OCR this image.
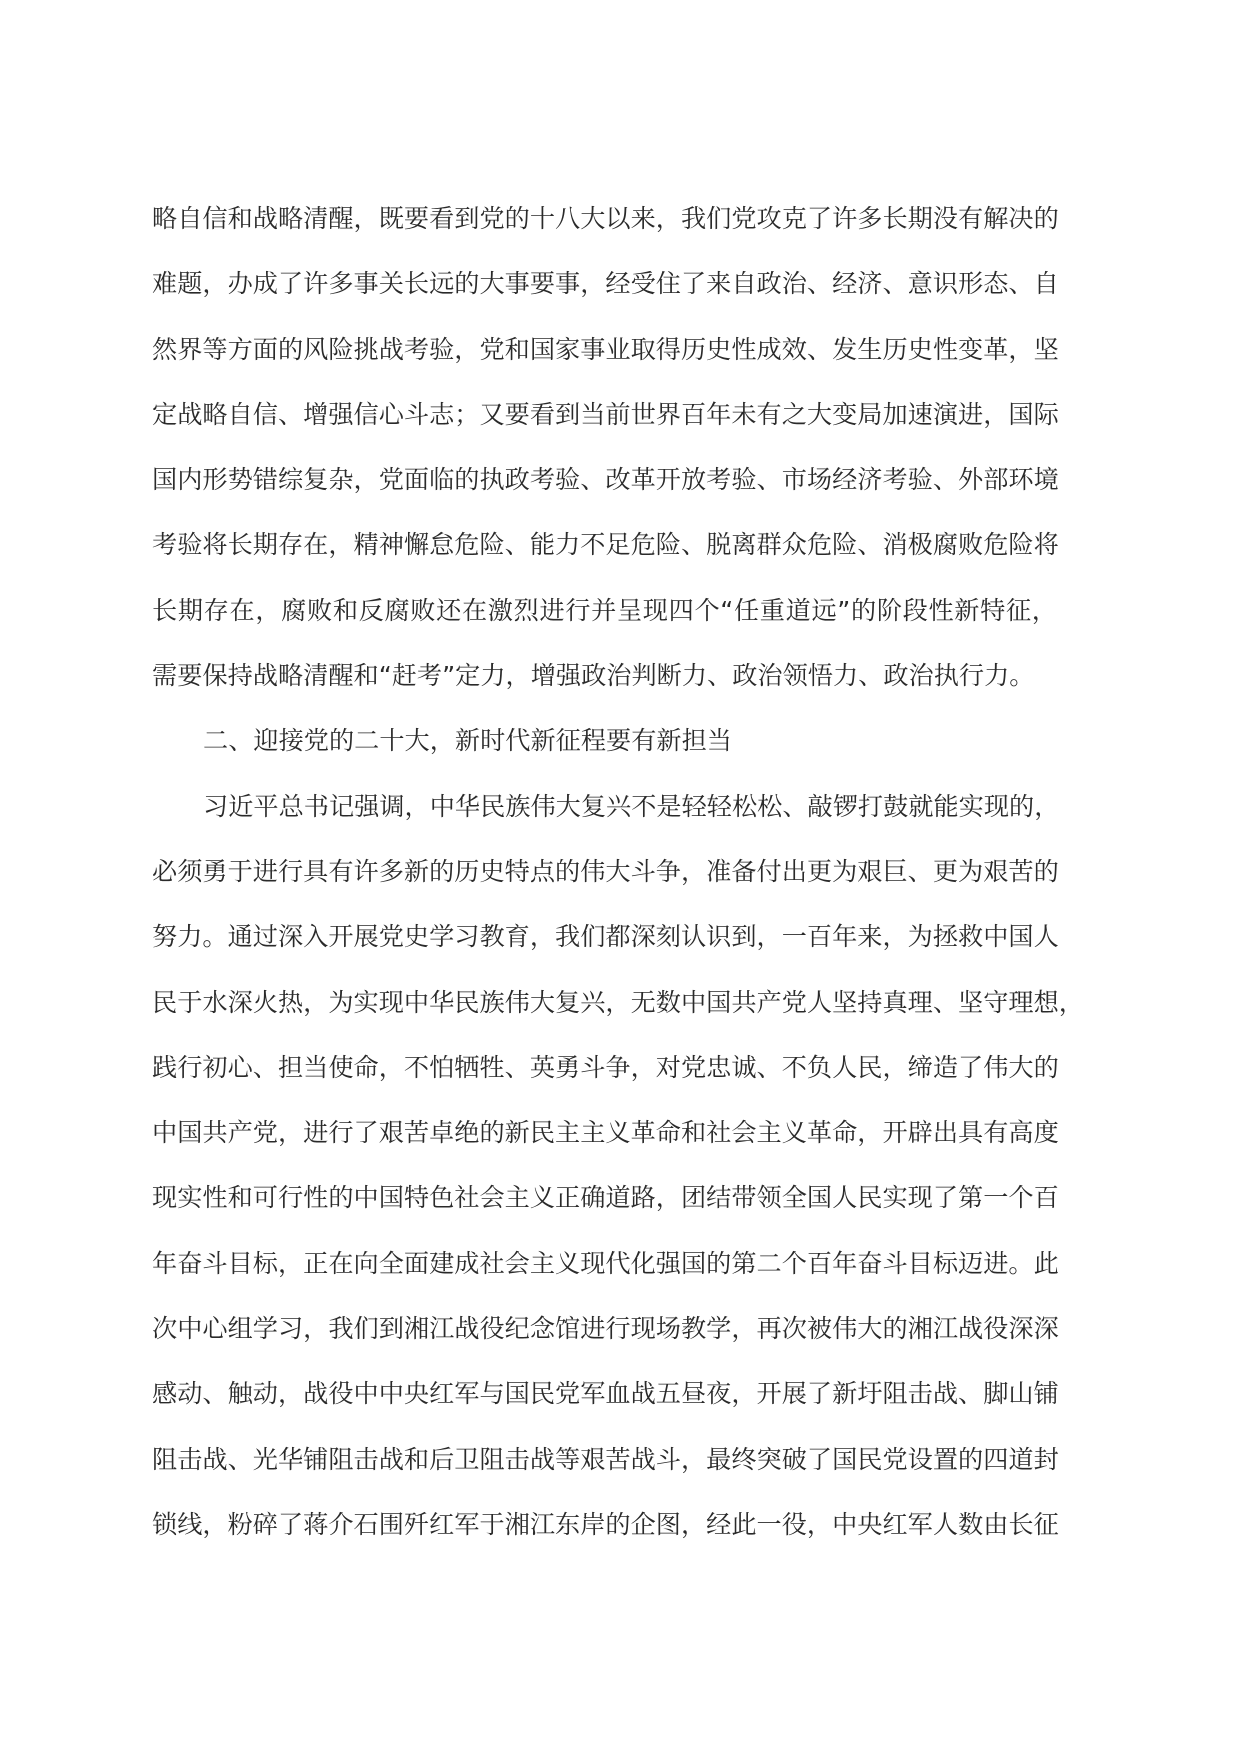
略自信和战略清醒，既要看到党的十八大以来，我们党攻克了许多长期没有解决的
难题，办成了许多事关长远的大事要事，经受住了来自政治、经济、意识形态、自
然界等方面的风险挑战考验，党和国家事业取得历史性成效、发生历史性变革，坚
定战略自信、增强信心斗志；又要看到当前世界百年未有之大变局加速演进，国际
国内形势错综复杂，党面临的执政考验、改革开放考验、市场经济考验、外部环境
考验将长期存在，精神懈怠危险、能力不足危险、脱离群众危险、消极腐败危险将
长期存在，腐败和反腐败还在激烈进行并呈现四个“任重道远”的阶段性新特征，
需要保持战略清醒和“赶考”定力，增强政治判断力、政治领悟力、政治执行力。
二、迎接党的二十大，新时代新征程要有新担当
习近平总书记强调，中华民族伟大复兴不是轻轻松松、敲锣打鼓就能实现的，
必须勇于进行具有许多新的历史特点的伟大斗争，准备付出更为艰巨、更为艰苦的
努力。通过深入开展党史学习教育，我们都深刻认识到，一百年来，为拯救中国人
民于水深火热，为实现中华民族伟大复兴，无数中国共产党人坚持真理、坚守理想，
践行初心、担当使命，不怕牺牲、英勇斗争，对党忠诚、不负人民，缔造了伟大的
中国共产党，进行了艰苦卓绝的新民主主义革命和社会主义革命，开辟出具有高度
现实性和可行性的中国特色社会主义正确道路，团结带领全国人民实现了第一个百
年奋斗目标，正在向全面建成社会主义现代化强国的第二个百年奋斗目标迈进。此
次中心组学习，我们到湘江战役纪念馆进行现场教学，再次被伟大的湘江战役深深
感动、触动，战役中中央红军与国民党军血战五昼夜，开展了新圩阻击战、脚山铺
阻击战、光华铺阻击战和后卫阻击战等艰苦战斗，最终突破了国民党设置的四道封
锁线，粉碎了蒋介石围歼红军于湘江东岸的企图，经此一役，中央红军人数由长征
